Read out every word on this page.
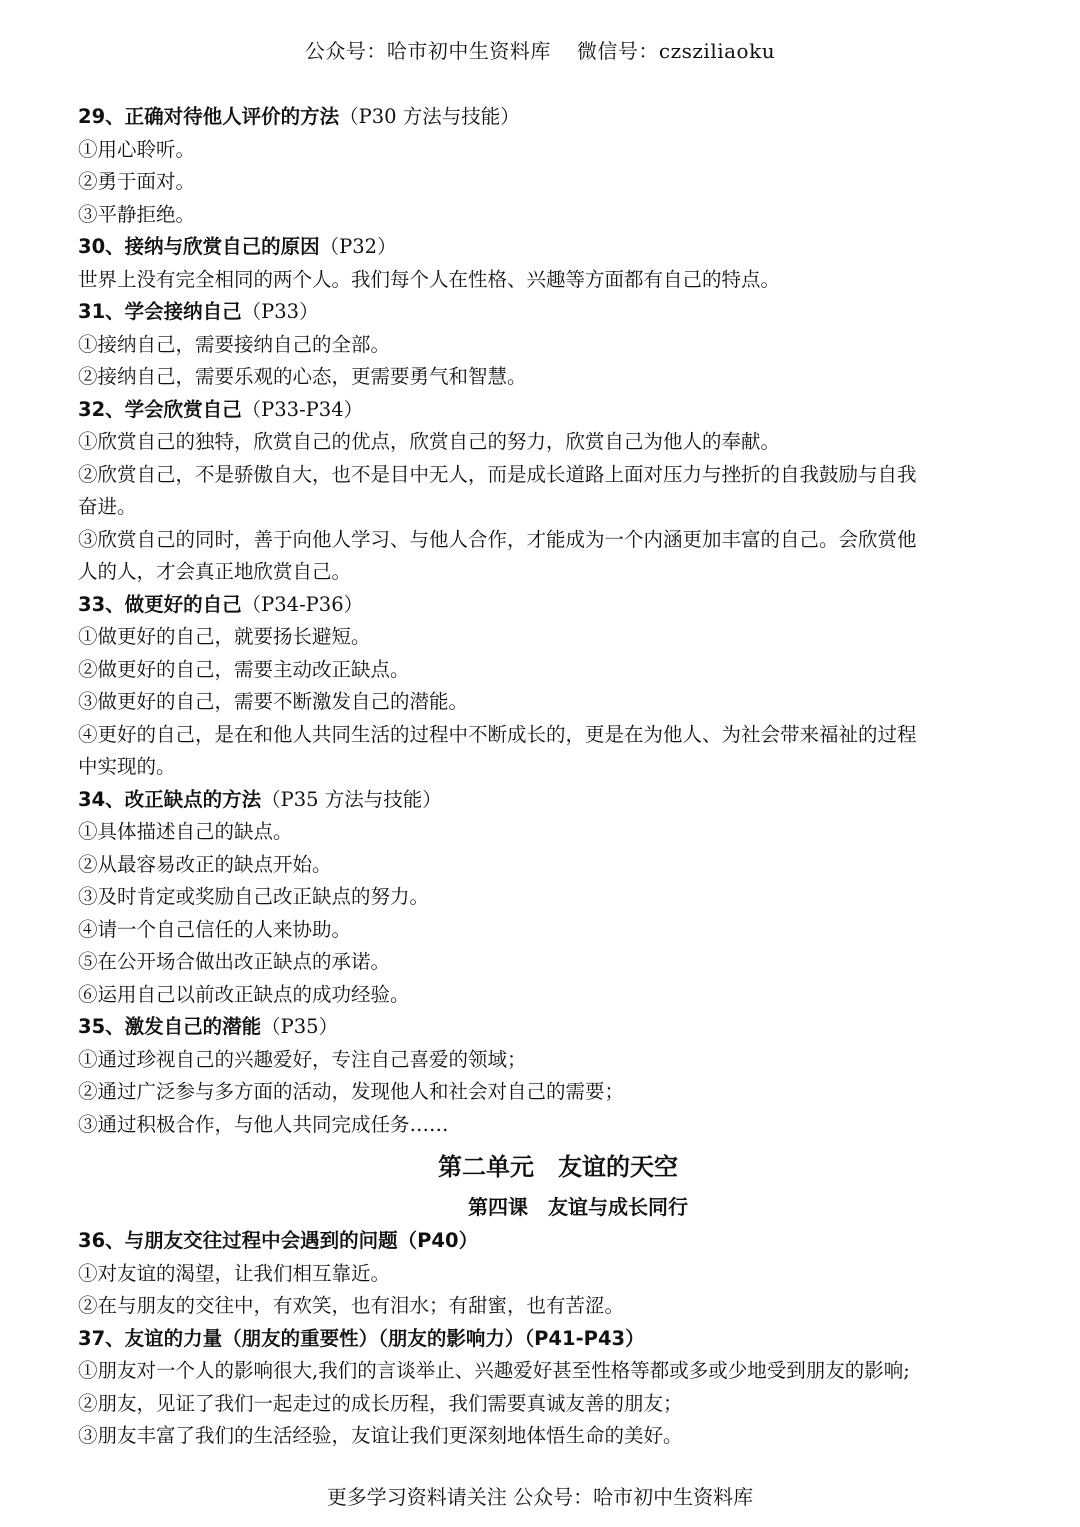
公众号：哈市初中生资料库 微信号：czsziliaoku
29、正确对待他人评价的方法（P30 方法与技能）
①用心聆听。
②勇于面对。
③平静拒绝。
30、接纳与欣赏自己的原因（P32）
世界上没有完全相同的两个人。我们每个人在性格、兴趣等方面都有自己的特点。
31、学会接纳自己（P33）
①接纳自己，需要接纳自己的全部。
②接纳自己，需要乐观的心态，更需要勇气和智慧。
32、学会欣赏自己（P33-P34）
①欣赏自己的独特，欣赏自己的优点，欣赏自己的努力，欣赏自己为他人的奉献。
②欣赏自己，不是骄傲自大，也不是目中无人，而是成长道路上面对压力与挫折的自我鼓励与自我
奋进。
③欣赏自己的同时，善于向他人学习、与他人合作，才能成为一个内涵更加丰富的自己。会欣赏他
人的人，才会真正地欣赏自己。
33、做更好的自己（P34-P36）
①做更好的自己，就要扬长避短。
②做更好的自己，需要主动改正缺点。
③做更好的自己，需要不断激发自己的潜能。
④更好的自己，是在和他人共同生活的过程中不断成长的，更是在为他人、为社会带来福祉的过程
中实现的。
34、改正缺点的方法（P35 方法与技能）
①具体描述自己的缺点。
②从最容易改正的缺点开始。
③及时肯定或奖励自己改正缺点的努力。
④请一个自己信任的人来协助。
⑤在公开场合做出改正缺点的承诺。
⑥运用自己以前改正缺点的成功经验。
35、激发自己的潜能（P35）
①通过珍视自己的兴趣爱好，专注自己喜爱的领域；
②通过广泛参与多方面的活动，发现他人和社会对自己的需要；
③通过积极合作，与他人共同完成任务……
第二单元　友谊的天空
第四课　友谊与成长同行
36、与朋友交往过程中会遇到的问题（P40）
①对友谊的渴望，让我们相互靠近。
②在与朋友的交往中，有欢笑，也有泪水；有甜蜜，也有苦涩。
37、友谊的力量（朋友的重要性）（朋友的影响力）（P41-P43）
①朋友对一个人的影响很大,我们的言谈举止、兴趣爱好甚至性格等都或多或少地受到朋友的影响;
②朋友，见证了我们一起走过的成长历程，我们需要真诚友善的朋友；
③朋友丰富了我们的生活经验，友谊让我们更深刻地体悟生命的美好。
更多学习资料请关注 公众号：哈市初中生资料库
